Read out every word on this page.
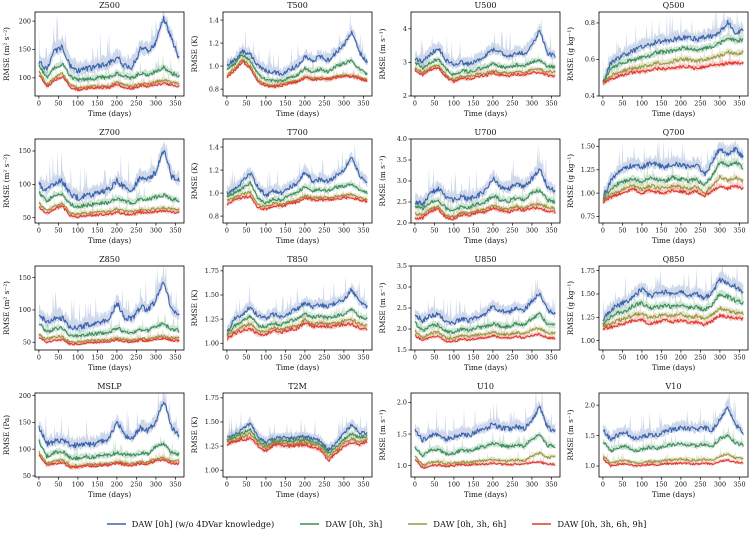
0 50 100 150 200 250 300 350
100
150
200
Z500
Time (days)
RMSE (m² s⁻²)
0 50 100 150 200 250 300 350
0.8
1.0
1.2
1.4
T500
Time (days)
RMSE (K)
0 50 100 150 200 250 300 350
2
3
4
U500
Time (days)
RMSE (m s⁻¹)
0 50 100 150 200 250 300 350
0.4
0.6
0.8
Q500
Time (days)
RMSE (g kg⁻¹)
0 50 100 150 200 250 300 350
50
100
150
Z700
Time (days)
RMSE (m² s⁻²)
0 50 100 150 200 250 300 350
0.8
1.0
1.2
1.4
T700
Time (days)
RMSE (K)
0 50 100 150 200 250 300 350
2.0
2.5
3.0
3.5
4.0
U700
Time (days)
RMSE (m s⁻¹)
0 50 100 150 200 250 300 350
0.75
1.00
1.25
1.50
Q700
Time (days)
RMSE (g kg⁻¹)
0 50 100 150 200 250 300 350
50
100
150
Z850
Time (days)
RMSE (m² s⁻²)
0 50 100 150 200 250 300 350
1.00
1.25
1.50
1.75
T850
Time (days)
RMSE (K)
0 50 100 150 200 250 300 350
1.5
2.0
2.5
3.0
3.5
U850
Time (days)
RMSE (m s⁻¹)
0 50 100 150 200 250 300 350
1.00
1.25
1.50
1.75
Q850
Time (days)
RMSE (g kg⁻¹)
0 50 100 150 200 250 300 350
50
100
150
200
MSLP
Time (days)
RMSE (Pa)
0 50 100 150 200 250 300 350
1.00
1.25
1.50
1.75
T2M
Time (days)
RMSE (K)
0 50 100 150 200 250 300 350
1.0
1.5
2.0
U10
Time (days)
RMSE (m s⁻¹)
0 50 100 150 200 250 300 350
1.0
1.5
2.0
V10
Time (days)
RMSE (m s⁻¹)
DAW [0h] (w/o 4DVar knowledge)	DAW [0h, 3h]	DAW [0h, 3h, 6h]	DAW [0h, 3h, 6h, 9h]
